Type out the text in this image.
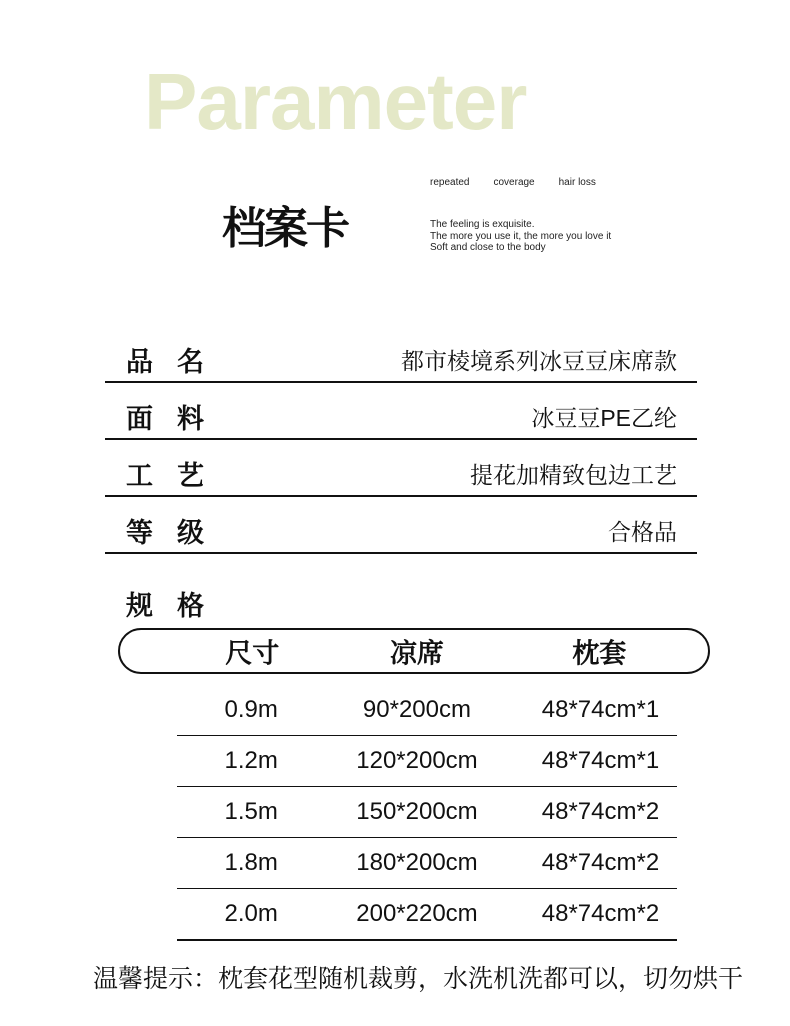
Parameter
档案卡
repeated coverage hair loss
The feeling is exquisite.
The more you use it, the more you love it
Soft and close to the body
品名	都市棱境系列冰豆豆床席款
面料	冰豆豆PE乙纶
工艺	提花加精致包边工艺
等级	合格品
规格
尺寸	凉席	枕套
0.9m	90*200cm	48*74cm*1
1.2m	120*200cm	48*74cm*1
1.5m	150*200cm	48*74cm*2
1.8m	180*200cm	48*74cm*2
2.0m	200*220cm	48*74cm*2
温馨提示：枕套花型随机裁剪，水洗机洗都可以，切勿烘干
